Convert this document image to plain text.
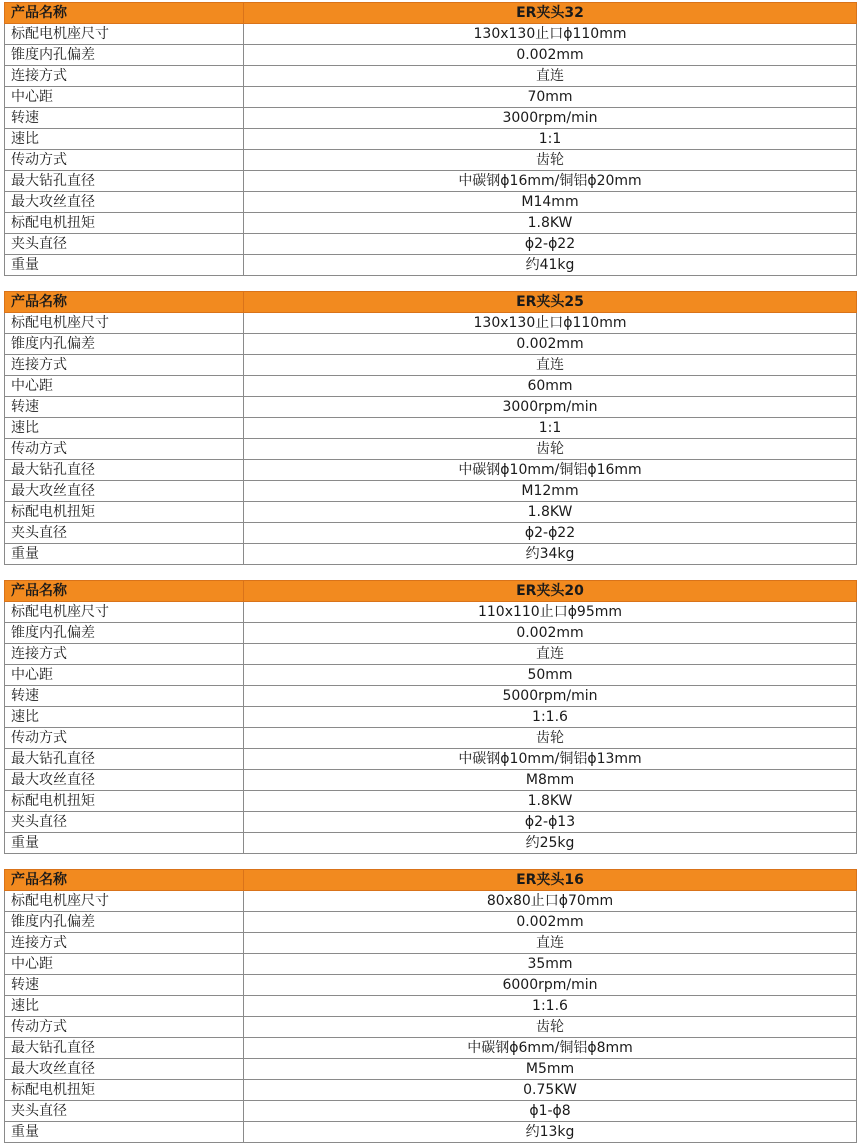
产品名称	ER夹头32
标配电机座尺寸	130x130止口ϕ110mm
锥度内孔偏差	0.002mm
连接方式	直连
中心距	70mm
转速	3000rpm/min
速比	1:1
传动方式	齿轮
最大钻孔直径	中碳钢ϕ16mm/铜铝ϕ20mm
最大攻丝直径	M14mm
标配电机扭矩	1.8KW
夹头直径	ϕ2-ϕ22
重量	约41kg
产品名称	ER夹头25
标配电机座尺寸	130x130止口ϕ110mm
锥度内孔偏差	0.002mm
连接方式	直连
中心距	60mm
转速	3000rpm/min
速比	1:1
传动方式	齿轮
最大钻孔直径	中碳钢ϕ10mm/铜铝ϕ16mm
最大攻丝直径	M12mm
标配电机扭矩	1.8KW
夹头直径	ϕ2-ϕ22
重量	约34kg
产品名称	ER夹头20
标配电机座尺寸	110x110止口ϕ95mm
锥度内孔偏差	0.002mm
连接方式	直连
中心距	50mm
转速	5000rpm/min
速比	1:1.6
传动方式	齿轮
最大钻孔直径	中碳钢ϕ10mm/铜铝ϕ13mm
最大攻丝直径	M8mm
标配电机扭矩	1.8KW
夹头直径	ϕ2-ϕ13
重量	约25kg
产品名称	ER夹头16
标配电机座尺寸	80x80止口ϕ70mm
锥度内孔偏差	0.002mm
连接方式	直连
中心距	35mm
转速	6000rpm/min
速比	1:1.6
传动方式	齿轮
最大钻孔直径	中碳钢ϕ6mm/铜铝ϕ8mm
最大攻丝直径	M5mm
标配电机扭矩	0.75KW
夹头直径	ϕ1-ϕ8
重量	约13kg
